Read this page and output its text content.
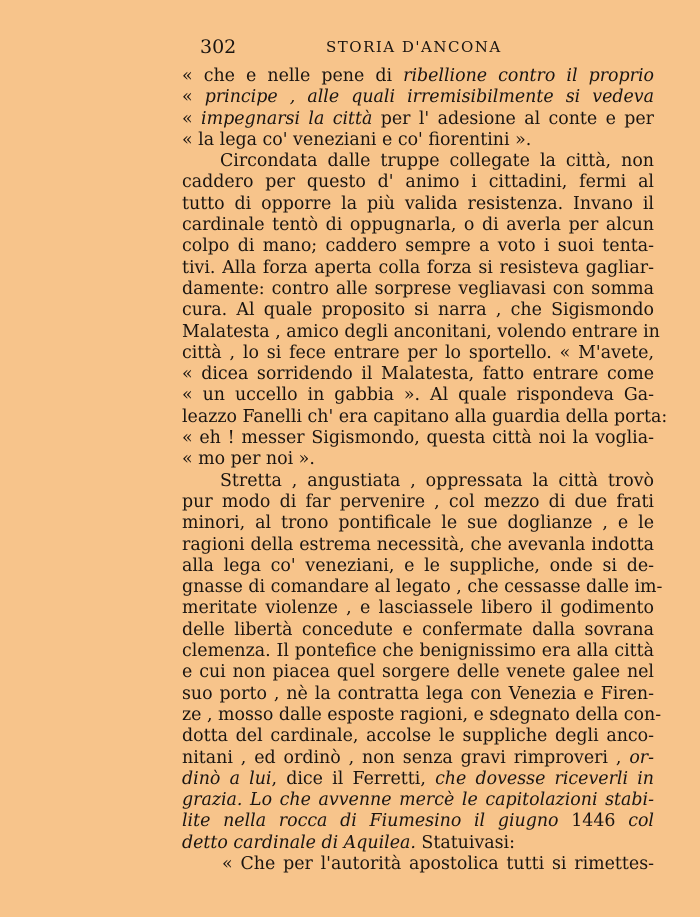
302	STORIA D'ANCONA
« che e nelle pene di ribellione contro il proprio
« principe , alle quali irremisibilmente si vedeva
« impegnarsi la città per l' adesione al conte e per
« la lega co' veneziani e co' fiorentini ».
Circondata dalle truppe collegate la città, non
caddero per questo d' animo i cittadini, fermi al
tutto di opporre la più valida resistenza. Invano il
cardinale tentò di oppugnarla, o di averla per alcun
colpo di mano; caddero sempre a voto i suoi tenta-
tivi. Alla forza aperta colla forza si resisteva gagliar-
damente: contro alle sorprese vegliavasi con somma
cura. Al quale proposito si narra , che Sigismondo
Malatesta , amico degli anconitani, volendo entrare in
città , lo si fece entrare per lo sportello. « M'avete,
« dicea sorridendo il Malatesta, fatto entrare come
« un uccello in gabbia ». Al quale rispondeva Ga-
leazzo Fanelli ch' era capitano alla guardia della porta:
« eh ! messer Sigismondo, questa città noi la voglia-
« mo per noi ».
Stretta , angustiata , oppressata la città trovò
pur modo di far pervenire , col mezzo di due frati
minori, al trono pontificale le sue doglianze , e le
ragioni della estrema necessità, che avevanla indotta
alla lega co' veneziani, e le suppliche, onde si de-
gnasse di comandare al legato , che cessasse dalle im-
meritate violenze , e lasciassele libero il godimento
delle libertà concedute e confermate dalla sovrana
clemenza. Il pontefice che benignissimo era alla città
e cui non piacea quel sorgere delle venete galee nel
suo porto , nè la contratta lega con Venezia e Firen-
ze , mosso dalle esposte ragioni, e sdegnato della con-
dotta del cardinale, accolse le suppliche degli anco-
nitani , ed ordinò , non senza gravi rimproveri , or-
dinò a lui, dice il Ferretti, che dovesse riceverli in
grazia. Lo che avvenne mercè le capitolazioni stabi-
lite nella rocca di Fiumesino il giugno 1446 col
detto cardinale di Aquilea. Statuivasi:
« Che per l'autorità apostolica tutti si rimettes-
